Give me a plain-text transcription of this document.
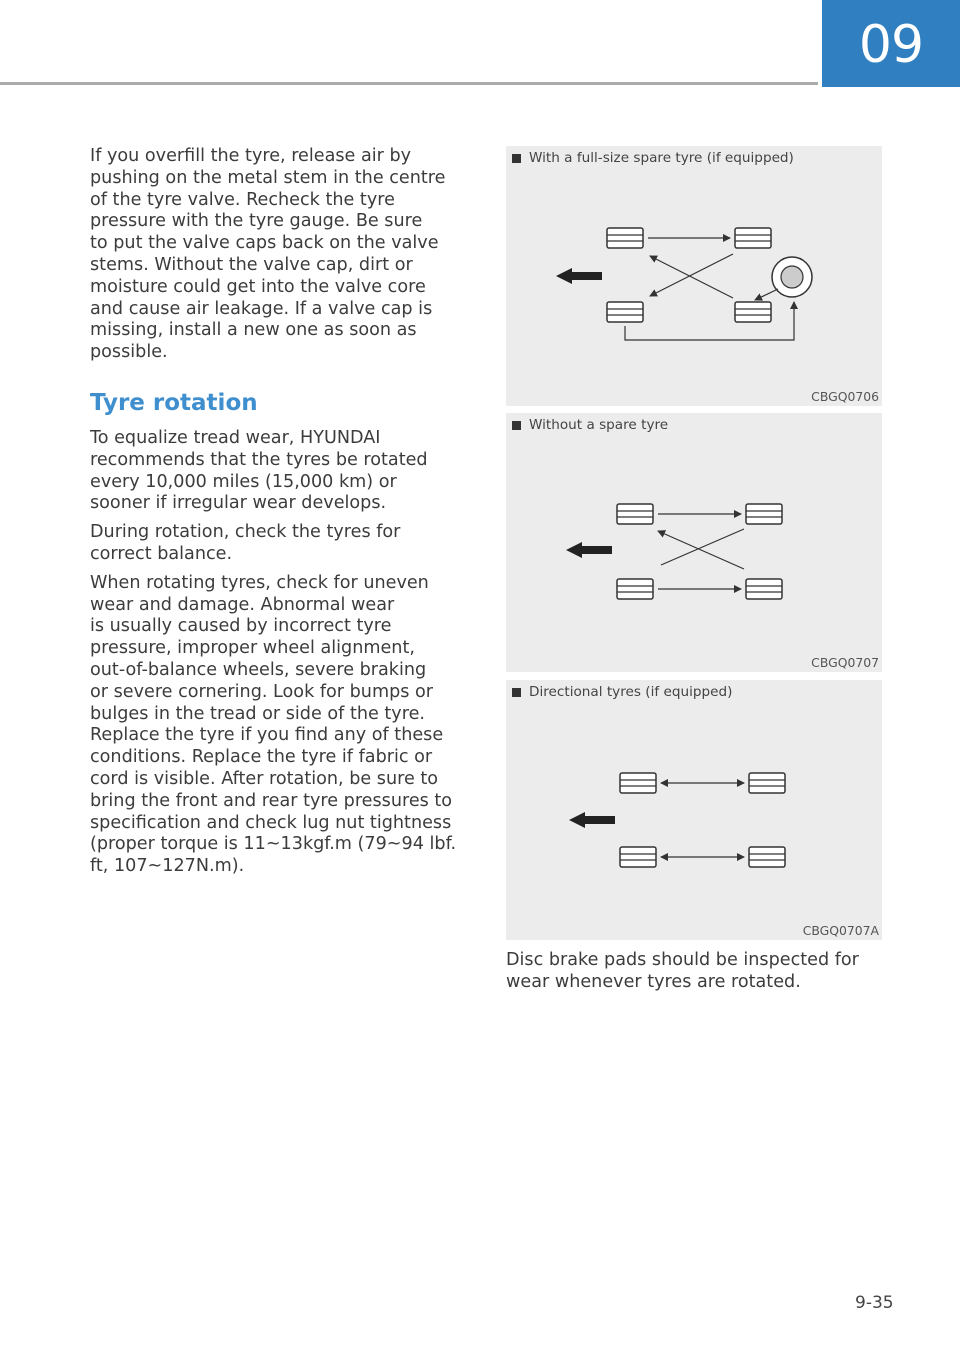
09

If you overfill the tyre, release air by
pushing on the metal stem in the centre
of the tyre valve. Recheck the tyre
pressure with the tyre gauge. Be sure
to put the valve caps back on the valve
stems. Without the valve cap, dirt or
moisture could get into the valve core
and cause air leakage. If a valve cap is
missing, install a new one as soon as
possible.

Tyre rotation

To equalize tread wear, HYUNDAI
recommends that the tyres be rotated
every 10,000 miles (15,000 km) or
sooner if irregular wear develops.

During rotation, check the tyres for
correct balance.

When rotating tyres, check for uneven
wear and damage. Abnormal wear
is usually caused by incorrect tyre
pressure, improper wheel alignment,
out-of-balance wheels, severe braking
or severe cornering. Look for bumps or
bulges in the tread or side of the tyre.
Replace the tyre if you find any of these
conditions. Replace the tyre if fabric or
cord is visible. After rotation, be sure to
bring the front and rear tyre pressures to
specification and check lug nut tightness
(proper torque is 11~13kgf.m (79~94 lbf.
ft, 107~127N.m).

With a full-size spare tyre (if equipped)
CBGQ0706
Without a spare tyre
CBGQ0707
Directional tyres (if equipped)
CBGQ0707A

Disc brake pads should be inspected for
wear whenever tyres are rotated.

9-35
